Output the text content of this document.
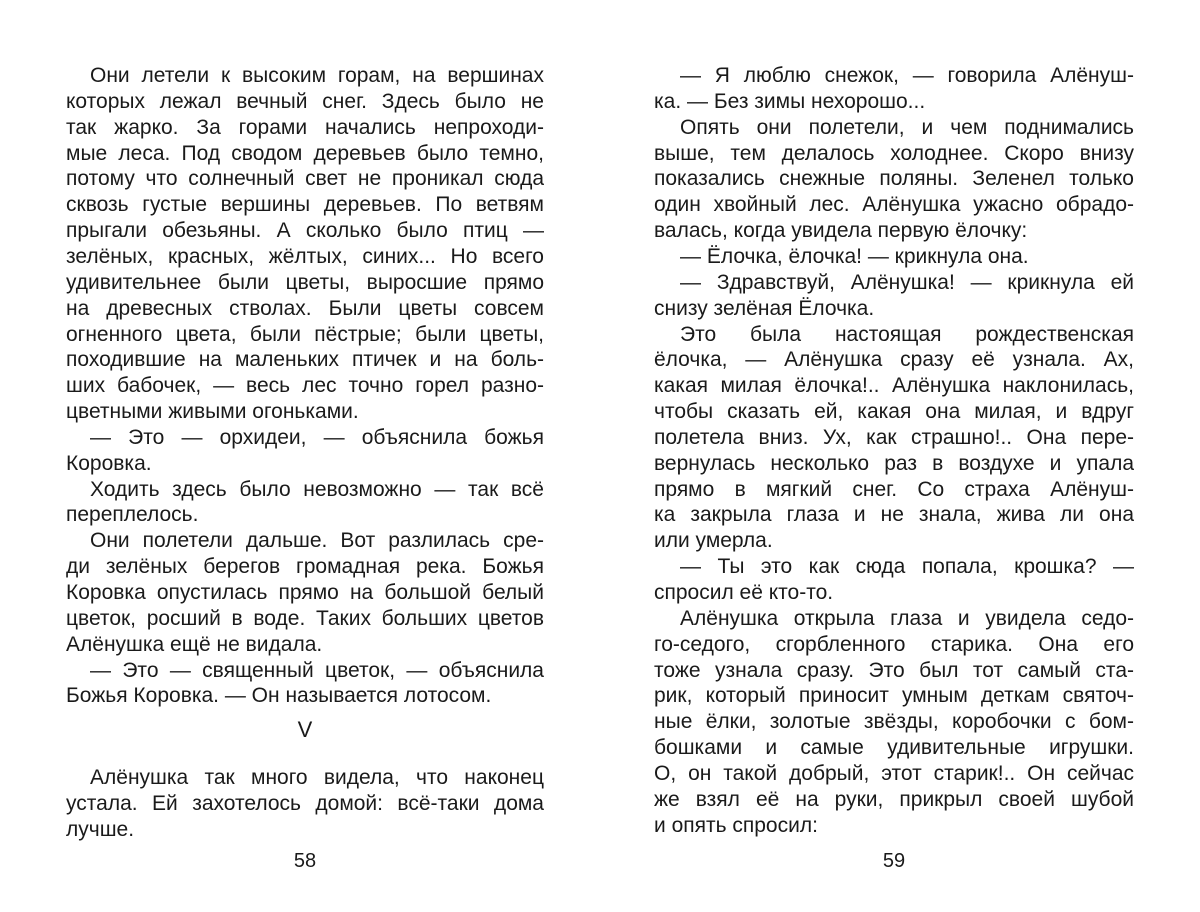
Они летели к высоким горам, на вершинах
которых лежал вечный снег. Здесь было не
так жарко. За горами начались непроходи-
мые леса. Под сводом деревьев было темно,
потому что солнечный свет не проникал сюда
сквозь густые вершины деревьев. По ветвям
прыгали обезьяны. А сколько было птиц —
зелёных, красных, жёлтых, синих... Но всего
удивительнее были цветы, выросшие прямо
на древесных стволах. Были цветы совсем
огненного цвета, были пёстрые; были цветы,
походившие на маленьких птичек и на боль-
ших бабочек, — весь лес точно горел разно-
цветными живыми огоньками.
— Это — орхидеи, — объяснила божья
Коровка.
Ходить здесь было невозможно — так всё
переплелось.
Они полетели дальше. Вот разлилась сре-
ди зелёных берегов громадная река. Божья
Коровка опустилась прямо на большой белый
цветок, росший в воде. Таких больших цветов
Алёнушка ещё не видала.
— Это — священный цветок, — объяснила
Божья Коровка. — Он называется лотосом.
V
Алёнушка так много видела, что наконец
устала. Ей захотелось домой: всё-таки дома
лучше.
58
— Я люблю снежок, — говорила Алёнуш-
ка. — Без зимы нехорошо...
Опять они полетели, и чем поднимались
выше, тем делалось холоднее. Скоро внизу
показались снежные поляны. Зеленел только
один хвойный лес. Алёнушка ужасно обрадо-
валась, когда увидела первую ёлочку:
— Ёлочка, ёлочка! — крикнула она.
— Здравствуй, Алёнушка! — крикнула ей
снизу зелёная Ёлочка.
Это была настоящая рождественская
ёлочка, — Алёнушка сразу её узнала. Ах,
какая милая ёлочка!.. Алёнушка наклонилась,
чтобы сказать ей, какая она милая, и вдруг
полетела вниз. Ух, как страшно!.. Она пере-
вернулась несколько раз в воздухе и упала
прямо в мягкий снег. Со страха Алёнуш-
ка закрыла глаза и не знала, жива ли она
или умерла.
— Ты это как сюда попала, крошка? —
спросил её кто-то.
Алёнушка открыла глаза и увидела седо-
го-седого, сгорбленного старика. Она его
тоже узнала сразу. Это был тот самый ста-
рик, который приносит умным деткам святоч-
ные ёлки, золотые звёзды, коробочки с бом-
бошками и самые удивительные игрушки.
О, он такой добрый, этот старик!.. Он сейчас
же взял её на руки, прикрыл своей шубой
и опять спросил:
59
